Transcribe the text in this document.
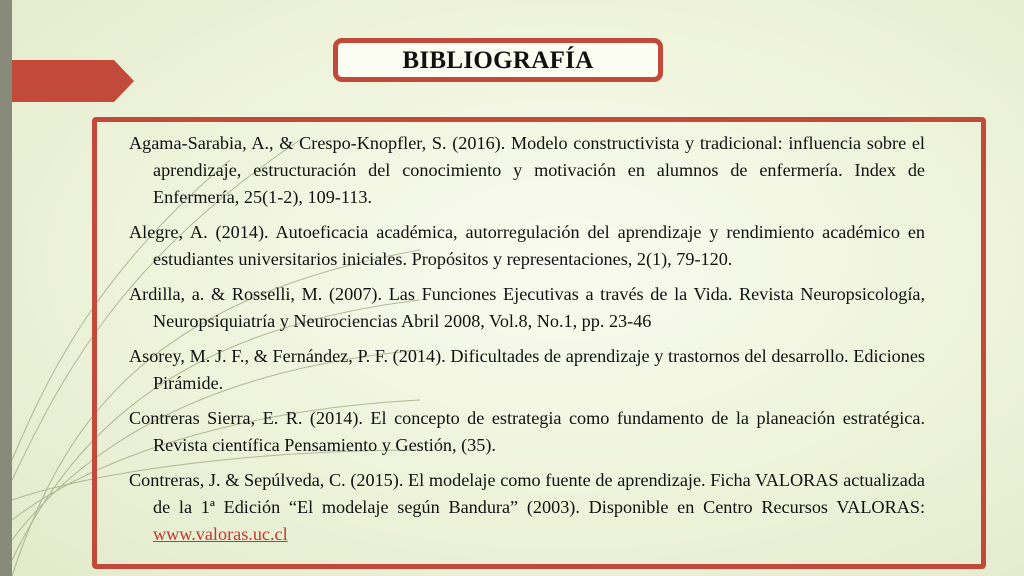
BIBLIOGRAFÍA

Agama-Sarabia, A., & Crespo-Knopfler, S. (2016). Modelo constructivista y tradicional: influencia sobre el aprendizaje, estructuración del conocimiento y motivación en alumnos de enfermería. Index de Enfermería, 25(1-2), 109-113.

Alegre, A. (2014). Autoeficacia académica, autorregulación del aprendizaje y rendimiento académico en estudiantes universitarios iniciales. Propósitos y representaciones, 2(1), 79-120.

Ardilla, a. & Rosselli, M. (2007). Las Funciones Ejecutivas a través de la Vida. Revista Neuropsicología, Neuropsiquiatría y Neurociencias Abril 2008, Vol.8, No.1, pp. 23-46

Asorey, M. J. F., & Fernández, P. F. (2014). Dificultades de aprendizaje y trastornos del desarrollo. Ediciones Pirámide.

Contreras Sierra, E. R. (2014). El concepto de estrategia como fundamento de la planeación estratégica. Revista científica Pensamiento y Gestión, (35).

Contreras, J. & Sepúlveda, C. (2015). El modelaje como fuente de aprendizaje. Ficha VALORAS actualizada de la 1ª Edición “El modelaje según Bandura” (2003). Disponible en Centro Recursos VALORAS: www.valoras.uc.cl
